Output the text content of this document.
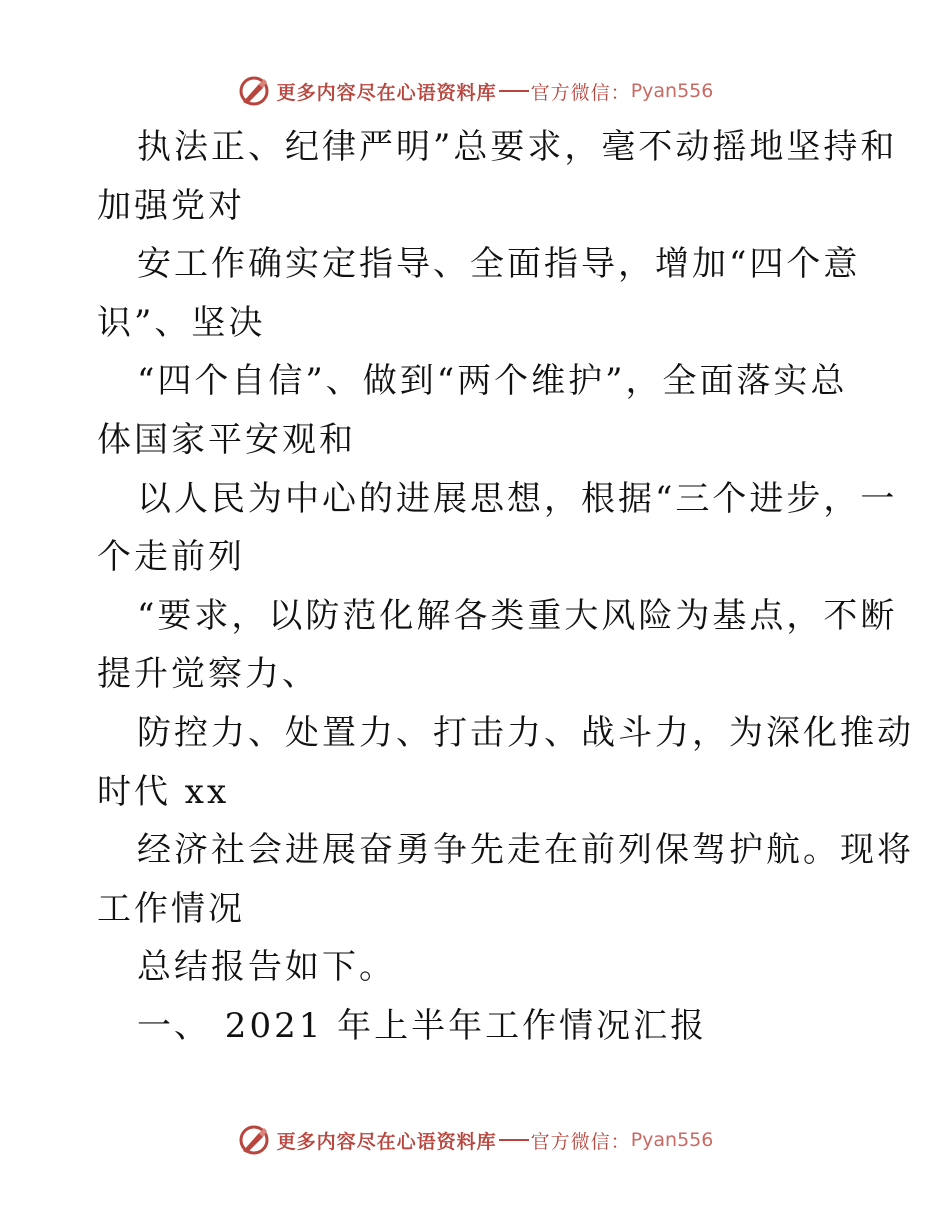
更多内容尽在心语资料库 官方微信： Pyan556
执法正、纪律严明”总要求，毫不动摇地坚持和
加强党对
安工作确实定指导、全面指导，增加“四个意
识”、坚决
“四个自信”、做到“两个维护”，全面落实总
体国家平安观和
以人民为中心的进展思想，根据“三个进步，一
个走前列
“要求，以防范化解各类重大风险为基点，不断
提升觉察力、
防控力、处置力、打击力、战斗力，为深化推动
时代 xx
经济社会进展奋勇争先走在前列保驾护航。现将
工作情况
总结报告如下。
一、 2021 年上半年工作情况汇报
更多内容尽在心语资料库 官方微信： Pyan556
